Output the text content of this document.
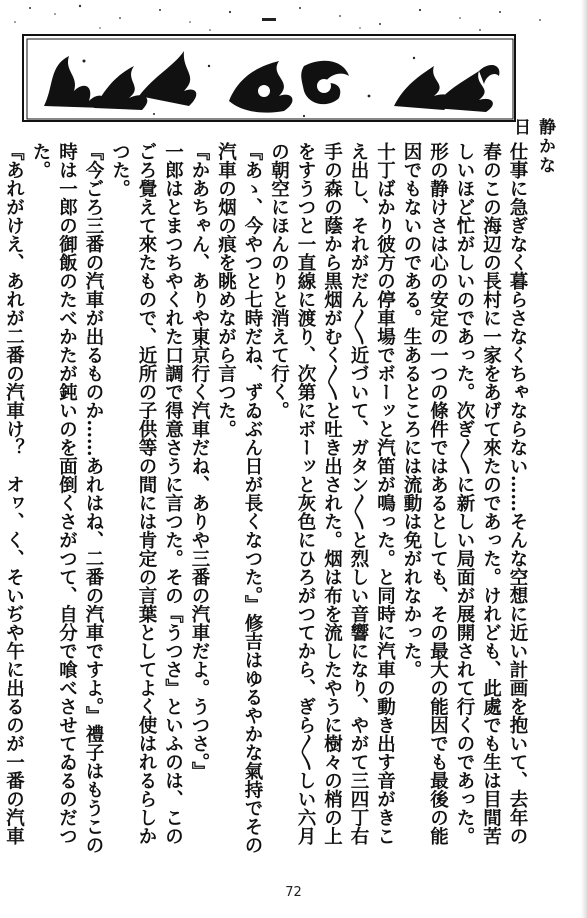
静かな日

仕事に急ぎなく暮らさなくちゃならない……そんな空想に近い計画を抱いて、去年の春のこの海辺の長村に一家をあげて來たのであった。けれども、此處でも生は目間苦しいほど忙がしいのであった。次ぎ〳〵に新しい局面が展開されて行くのであった。形の静けさは心の安定の一つの條件ではあるとしても、その最大の能因でも最後の能因でもないのである。生あるところには流動は免がれなかった。

十丁ばかり彼方の停車場でボーッと汽笛が鳴った。と同時に汽車の動き出す音がきこえ出し、それがだん〳〵近づいて、ガタン〳〵と烈しい音響になり、やがて三四丁右手の森の蔭から黒烟がむく〳〵と吐き出された。烟は布を流したやうに樹々の梢の上をすうつと一直線に渡り、次第にボーッと灰色にひろがつてから、ぎら〳〵しい六月の朝空にほんのりと消えて行く。

『あゝ、今やつと七時だね、ずゐぶん日が長くなつた。』修吉はゆるやかな氣持でその汽車の烟の痕を眺めながら言つた。

『かあちゃん、ありや東京行く汽車だね、ありや三番の汽車だよ。うつさ。』

一郎はとまつちやくれた口調で得意さうに言つた。その『うつさ』といふのは、このごろ覺えて來たもので、近所の子供等の間には肯定の言葉としてよく使はれるらしかつた。

『今ごろ三番の汽車が出るものか……あれはね、二番の汽車ですよ。』禮子はもうこの時は一郎の御飯のたべかたが鈍いのを面倒くさがつて、自分で喰べさせてゐるのだつた。

『あれがけえ、あれが二番の汽車け？　オヮ、く、そいぢや午に出るのが一番の汽車

72
